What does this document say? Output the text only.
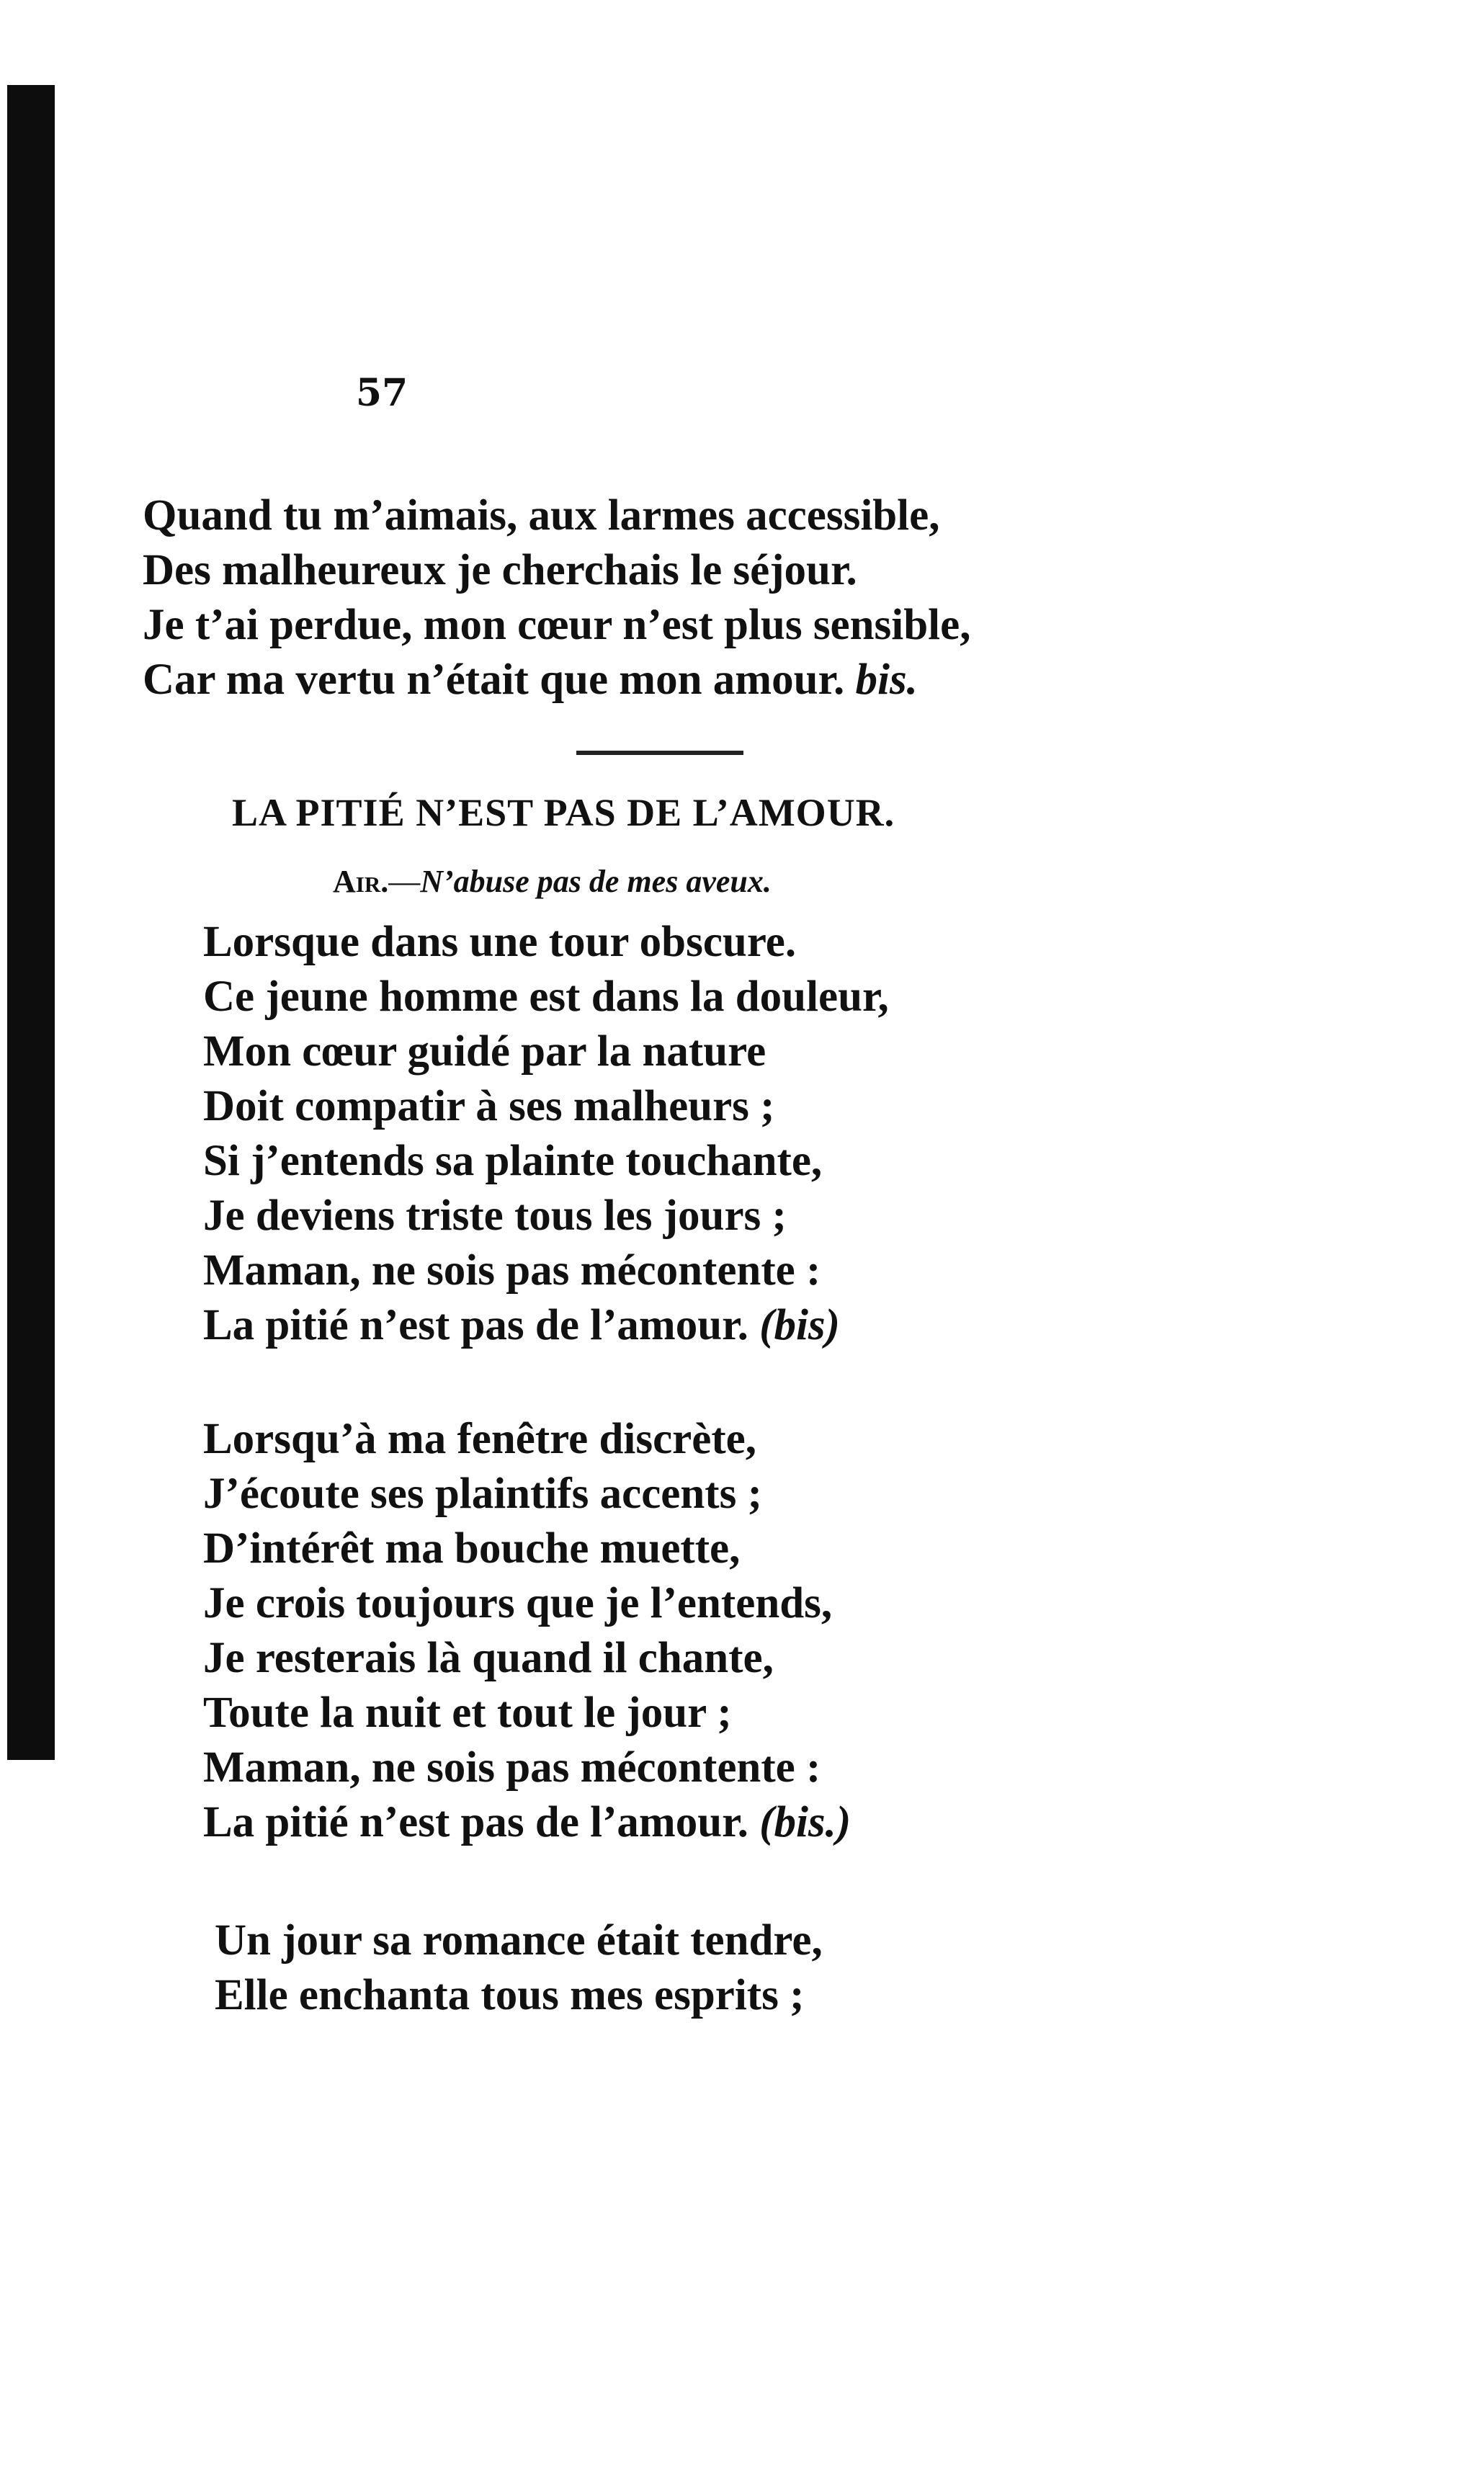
57
Quand tu m’aimais, aux larmes accessible,
Des malheureux je cherchais le séjour.
Je t’ai perdue, mon cœur n’est plus sensible,
Car ma vertu n’était que mon amour. bis.
LA PITIÉ N’EST PAS DE L’AMOUR.
Air.—N’abuse pas de mes aveux.
Lorsque dans une tour obscure.
Ce jeune homme est dans la douleur,
Mon cœur guidé par la nature
Doit compatir à ses malheurs ;
Si j’entends sa plainte touchante,
Je deviens triste tous les jours ;
Maman, ne sois pas mécontente :
La pitié n’est pas de l’amour. (bis)
Lorsqu’à ma fenêtre discrète,
J’écoute ses plaintifs accents ;
D’intérêt ma bouche muette,
Je crois toujours que je l’entends,
Je resterais là quand il chante,
Toute la nuit et tout le jour ;
Maman, ne sois pas mécontente :
La pitié n’est pas de l’amour. (bis.)
Un jour sa romance était tendre,
Elle enchanta tous mes esprits ;
